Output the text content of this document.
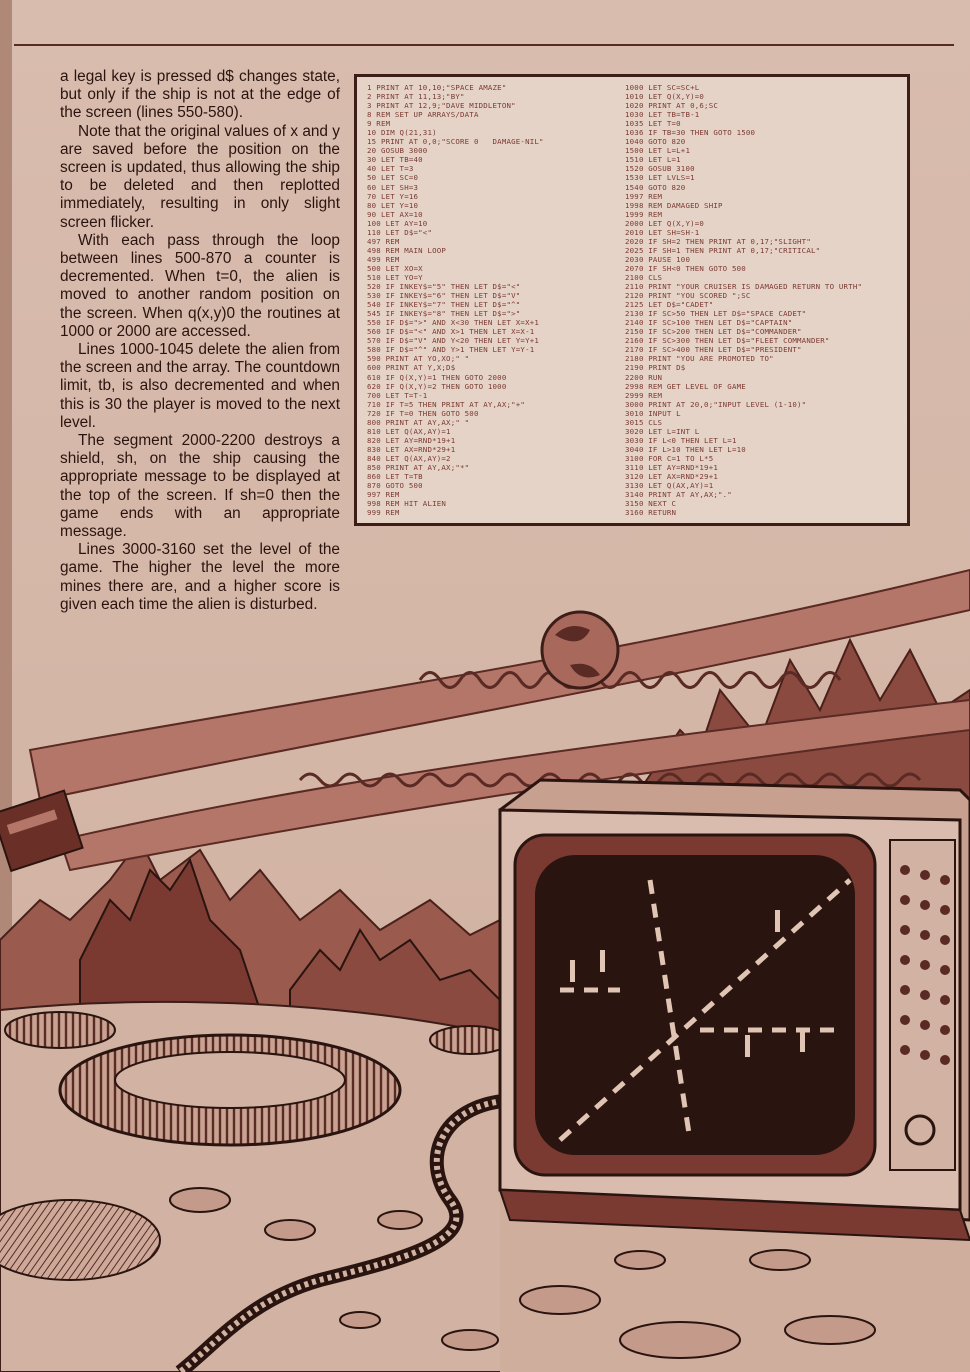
a legal key is pressed d$ changes state, but only if the ship is not at the edge of the screen (lines 550-580).

Note that the original values of x and y are saved before the position on the screen is updated, thus allowing the ship to be deleted and then replotted immediately, resulting in only slight screen flicker.

With each pass through the loop between lines 500-870 a counter is decremented. When t=0, the alien is moved to another random position on the screen. When q(x,y)0 the routines at 1000 or 2000 are accessed.

Lines 1000-1045 delete the alien from the screen and the array. The countdown limit, tb, is also decremented and when this is 30 the player is moved to the next level.

The segment 2000-2200 destroys a shield, sh, on the ship causing the appropriate message to be displayed at the top of the screen. If sh=0 then the game ends with an appropriate message.

Lines 3000-3160 set the level of the game. The higher the level the more mines there are, and a higher score is given each time the alien is disturbed.

1 PRINT AT 10,10;"SPACE AMAZE"
2 PRINT AT 11,13;"BY"
3 PRINT AT 12,9;"DAVE MIDDLETON"
8 REM SET UP ARRAYS/DATA
9 REM
10 DIM Q(21,31)
15 PRINT AT 0,0;"SCORE 0   DAMAGE-NIL"
20 GOSUB 3000
30 LET TB=40
40 LET T=3
50 LET SC=0
60 LET SH=3
70 LET Y=16
80 LET Y=10
90 LET AX=10
100 LET AY=10
110 LET D$="<"
497 REM
498 REM MAIN LOOP
499 REM
500 LET XO=X
510 LET YO=Y
520 IF INKEY$="5" THEN LET D$="<"
530 IF INKEY$="6" THEN LET D$="V"
540 IF INKEY$="7" THEN LET D$="^"
545 IF INKEY$="8" THEN LET D$=">"
550 IF D$=">" AND X<30 THEN LET X=X+1
560 IF D$="<" AND X>1 THEN LET X=X-1
570 IF D$="V" AND Y<20 THEN LET Y=Y+1
580 IF D$="^" AND Y>1 THEN LET Y=Y-1
590 PRINT AT YO,XO;" "
600 PRINT AT Y,X;D$
610 IF Q(X,Y)=1 THEN GOTO 2000
620 IF Q(X,Y)=2 THEN GOTO 1000
700 LET T=T-1
710 IF T=5 THEN PRINT AT AY,AX;"+"
720 IF T=0 THEN GOTO 500
800 PRINT AT AY,AX;" "
810 LET Q(AX,AY)=1
820 LET AY=RND*19+1
830 LET AX=RND*29+1
840 LET Q(AX,AY)=2
850 PRINT AT AY,AX;"*"
860 LET T=TB
870 GOTO 500
997 REM
998 REM HIT ALIEN
999 REM
1000 LET SC=SC+L
1010 LET Q(X,Y)=0
1020 PRINT AT 0,6;SC
1030 LET TB=TB-1
1035 LET T=0
1036 IF TB=30 THEN GOTO 1500
1040 GOTO 820
1500 LET L=L+1
1510 LET L=1
1520 GOSUB 3100
1530 LET LVLS=1
1540 GOTO 820
1997 REM
1998 REM DAMAGED SHIP
1999 REM
2000 LET Q(X,Y)=0
2010 LET SH=SH-1
2020 IF SH=2 THEN PRINT AT 0,17;"SLIGHT"
2025 IF SH=1 THEN PRINT AT 0,17;"CRITICAL"
2030 PAUSE 100
2070 IF SH<0 THEN GOTO 500
2100 CLS
2110 PRINT "YOUR CRUISER IS DAMAGED RETURN TO URTH"
2120 PRINT "YOU SCORED ";SC
2125 LET D$="CADET"
2130 IF SC>50 THEN LET D$="SPACE CADET"
2140 IF SC>100 THEN LET D$="CAPTAIN"
2150 IF SC>200 THEN LET D$="COMMANDER"
2160 IF SC>300 THEN LET D$="FLEET COMMANDER"
2170 IF SC>400 THEN LET D$="PRESIDENT"
2180 PRINT "YOU ARE PROMOTED TO"
2190 PRINT D$
2200 RUN
2998 REM GET LEVEL OF GAME
2999 REM
3000 PRINT AT 20,0;"INPUT LEVEL (1-10)"
3010 INPUT L
3015 CLS
3020 LET L=INT L
3030 IF L<0 THEN LET L=1
3040 IF L>10 THEN LET L=10
3100 FOR C=1 TO L*5
3110 LET AY=RND*19+1
3120 LET AX=RND*29+1
3130 LET Q(AX,AY)=1
3140 PRINT AT AY,AX;"."
3150 NEXT C
3160 RETURN
